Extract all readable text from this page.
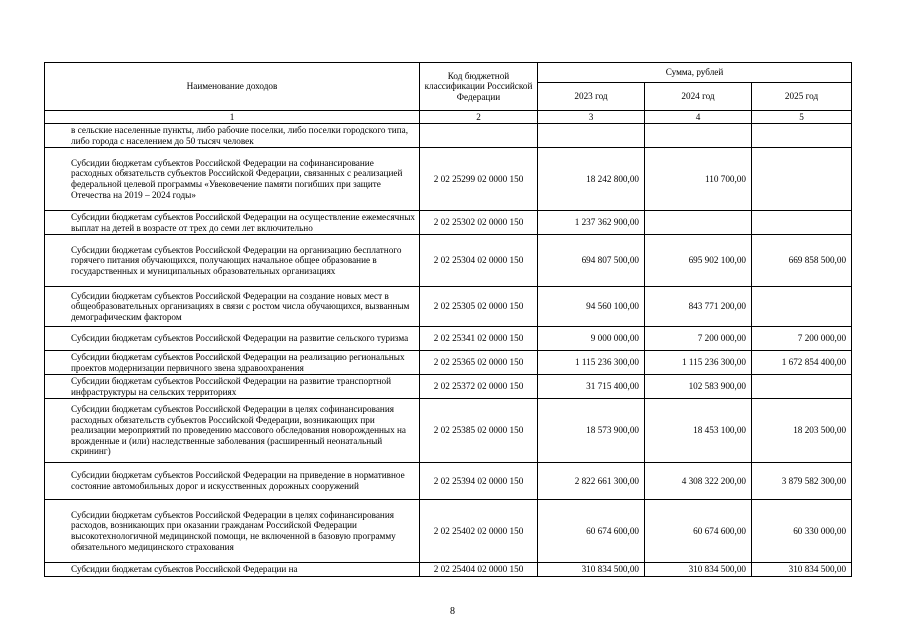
Наименование доходов	Код бюджетной классификации Российской Федерации	Сумма, рублей		
		2023 год	2024 год	2025 год
1	2	3	4	5
в сельские населенные пункты, либо рабочие поселки, либо поселки городского типа, либо города с населением до 50 тысяч человек				
Субсидии бюджетам субъектов Российской Федерации на софинансирование расходных обязательств субъектов Российской Федерации, связанных с реализацией федеральной целевой программы «Увековечение памяти погибших при защите Отечества на 2019 – 2024 годы»	2 02 25299 02 0000 150	18 242 800,00	110 700,00	
Субсидии бюджетам субъектов Российской Федерации на осуществление ежемесячных выплат на детей в возрасте от трех до семи лет включительно	2 02 25302 02 0000 150	1 237 362 900,00		
Субсидии бюджетам субъектов Российской Федерации на организацию бесплатного горячего питания обучающихся, получающих начальное общее образование в государственных и муниципальных образовательных организациях	2 02 25304 02 0000 150	694 807 500,00	695 902 100,00	669 858 500,00
Субсидии бюджетам субъектов Российской Федерации на создание новых мест в общеобразовательных организациях в связи с ростом числа обучающихся, вызванным демографическим фактором	2 02 25305 02 0000 150	94 560 100,00	843 771 200,00	
Субсидии бюджетам субъектов Российской Федерации на развитие сельского туризма	2 02 25341 02 0000 150	9 000 000,00	7 200 000,00	7 200 000,00
Субсидии бюджетам субъектов Российской Федерации на реализацию региональных проектов модернизации первичного звена здравоохранения	2 02 25365 02 0000 150	1 115 236 300,00	1 115 236 300,00	1 672 854 400,00
Субсидии бюджетам субъектов Российской Федерации на развитие транспортной инфраструктуры на сельских территориях	2 02 25372 02 0000 150	31 715 400,00	102 583 900,00	
Субсидии бюджетам субъектов Российской Федерации в целях софинансирования расходных обязательств субъектов Российской Федерации, возникающих при реализации мероприятий по проведению массового обследования новорожденных на врожденные и (или) наследственные заболевания (расширенный неонатальный скрининг)	2 02 25385 02 0000 150	18 573 900,00	18 453 100,00	18 203 500,00
Субсидии бюджетам субъектов Российской Федерации на приведение в нормативное состояние автомобильных дорог и искусственных дорожных сооружений	2 02 25394 02 0000 150	2 822 661 300,00	4 308 322 200,00	3 879 582 300,00
Субсидии бюджетам субъектов Российской Федерации в целях софинансирования расходов, возникающих при оказании гражданам Российской Федерации высокотехнологичной медицинской помощи, не включенной в базовую программу обязательного медицинского страхования	2 02 25402 02 0000 150	60 674 600,00	60 674 600,00	60 330 000,00
Субсидии бюджетам субъектов Российской Федерации на	2 02 25404 02 0000 150	310 834 500,00	310 834 500,00	310 834 500,00
8
